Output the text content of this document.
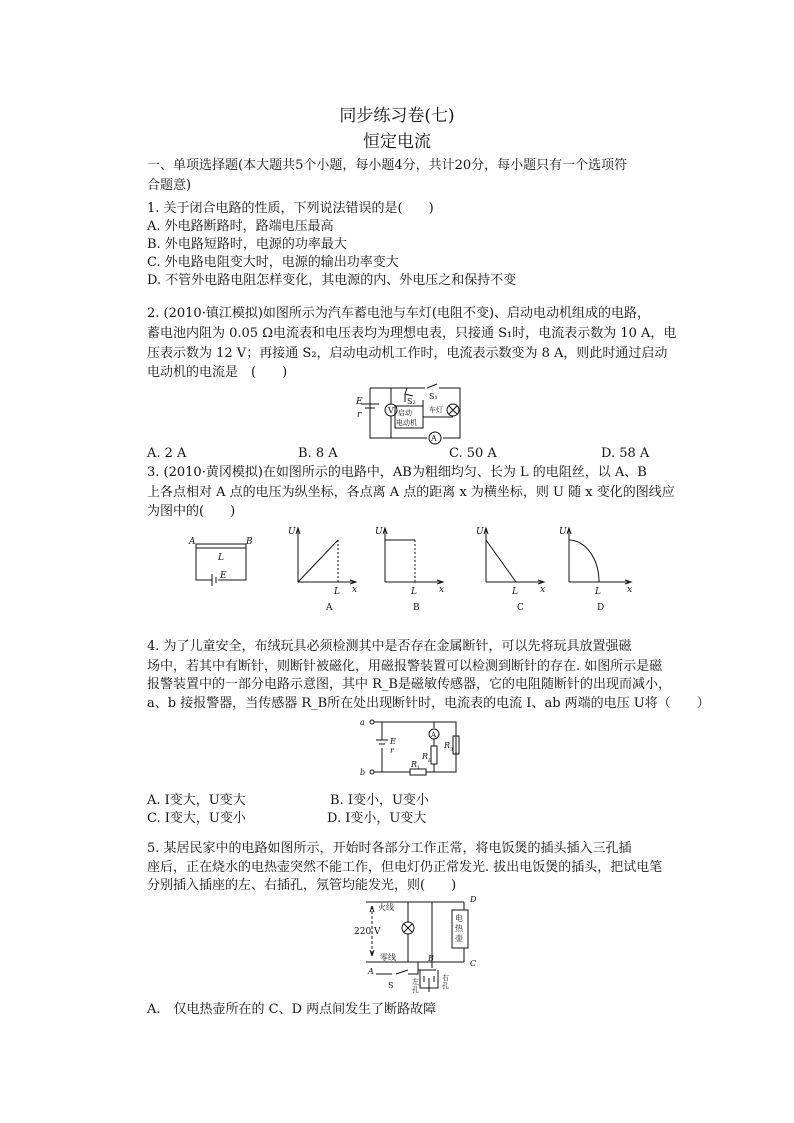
同步练习卷(七)
恒定电流
一、单项选择题(本大题共5个小题，每小题4分，共计20分，每小题只有一个选项符
合题意)
1. 关于闭合电路的性质，下列说法错误的是(　　)
A. 外电路断路时，路端电压最高
B. 外电路短路时，电源的功率最大
C. 外电路电阻变大时，电源的输出功率变大
D. 不管外电路电阻怎样变化，其电源的内、外电压之和保持不变
2. (2010·镇江模拟)如图所示为汽车蓄电池与车灯(电阻不变)、启动电动机组成的电路，
蓄电池内阻为 0.05 Ω电流表和电压表均为理想电表，只接通 S₁时，电流表示数为 10 A，电
压表示数为 12 V；再接通 S₂，启动电动机工作时，电流表示数变为 8 A，则此时通过启动
电动机的电流是　(　　)
E
r	V
A
S₁
S₂
启动
电动机
车灯
A. 2 A	B. 8 A	C. 50 A	D. 58 A
3. (2010·黄冈模拟)在如图所示的电路中，AB为粗细均匀、长为 L 的电阻丝，以 A、B
上各点相对 A 点的电压为纵坐标，各点离 A 点的距离 x 为横坐标，则 U 随 x 变化的图线应
为图中的(　　)
A	B
L
E
U
x
L
A
U
x
L
B
U
x
L
C
U
x
L
D
4. 为了儿童安全，布绒玩具必须检测其中是否存在金属断针，可以先将玩具放置强磁
场中，若其中有断针，则断针被磁化，用磁报警装置可以检测到断针的存在. 如图所示是磁
报警装置中的一部分电路示意图，其中 R_B是磁敏传感器，它的电阻随断针的出现而减小，
a、b 接报警器，当传感器 R_B所在处出现断针时，电流表的电流 I、ab 两端的电压 U将（　　）
a
b
E
r
A
R B
R 1
R 3
A. I变大，U变大	B. I变小，U变小
C. I变大，U变小	D. I变小，U变大
5. 某居民家中的电路如图所示，开始时各部分工作正常，将电饭煲的插头插入三孔插
座后，正在烧水的电热壶突然不能工作，但电灯仍正常发光. 拔出电饭煲的插头，把试电笔
分别插入插座的左、右插孔，氖管均能发光，则(　　)
火线
零线
220 V
A
B
C
D
S
电
热
壶
左
孔
右
孔
A.　仅电热壶所在的 C、D 两点间发生了断路故障
